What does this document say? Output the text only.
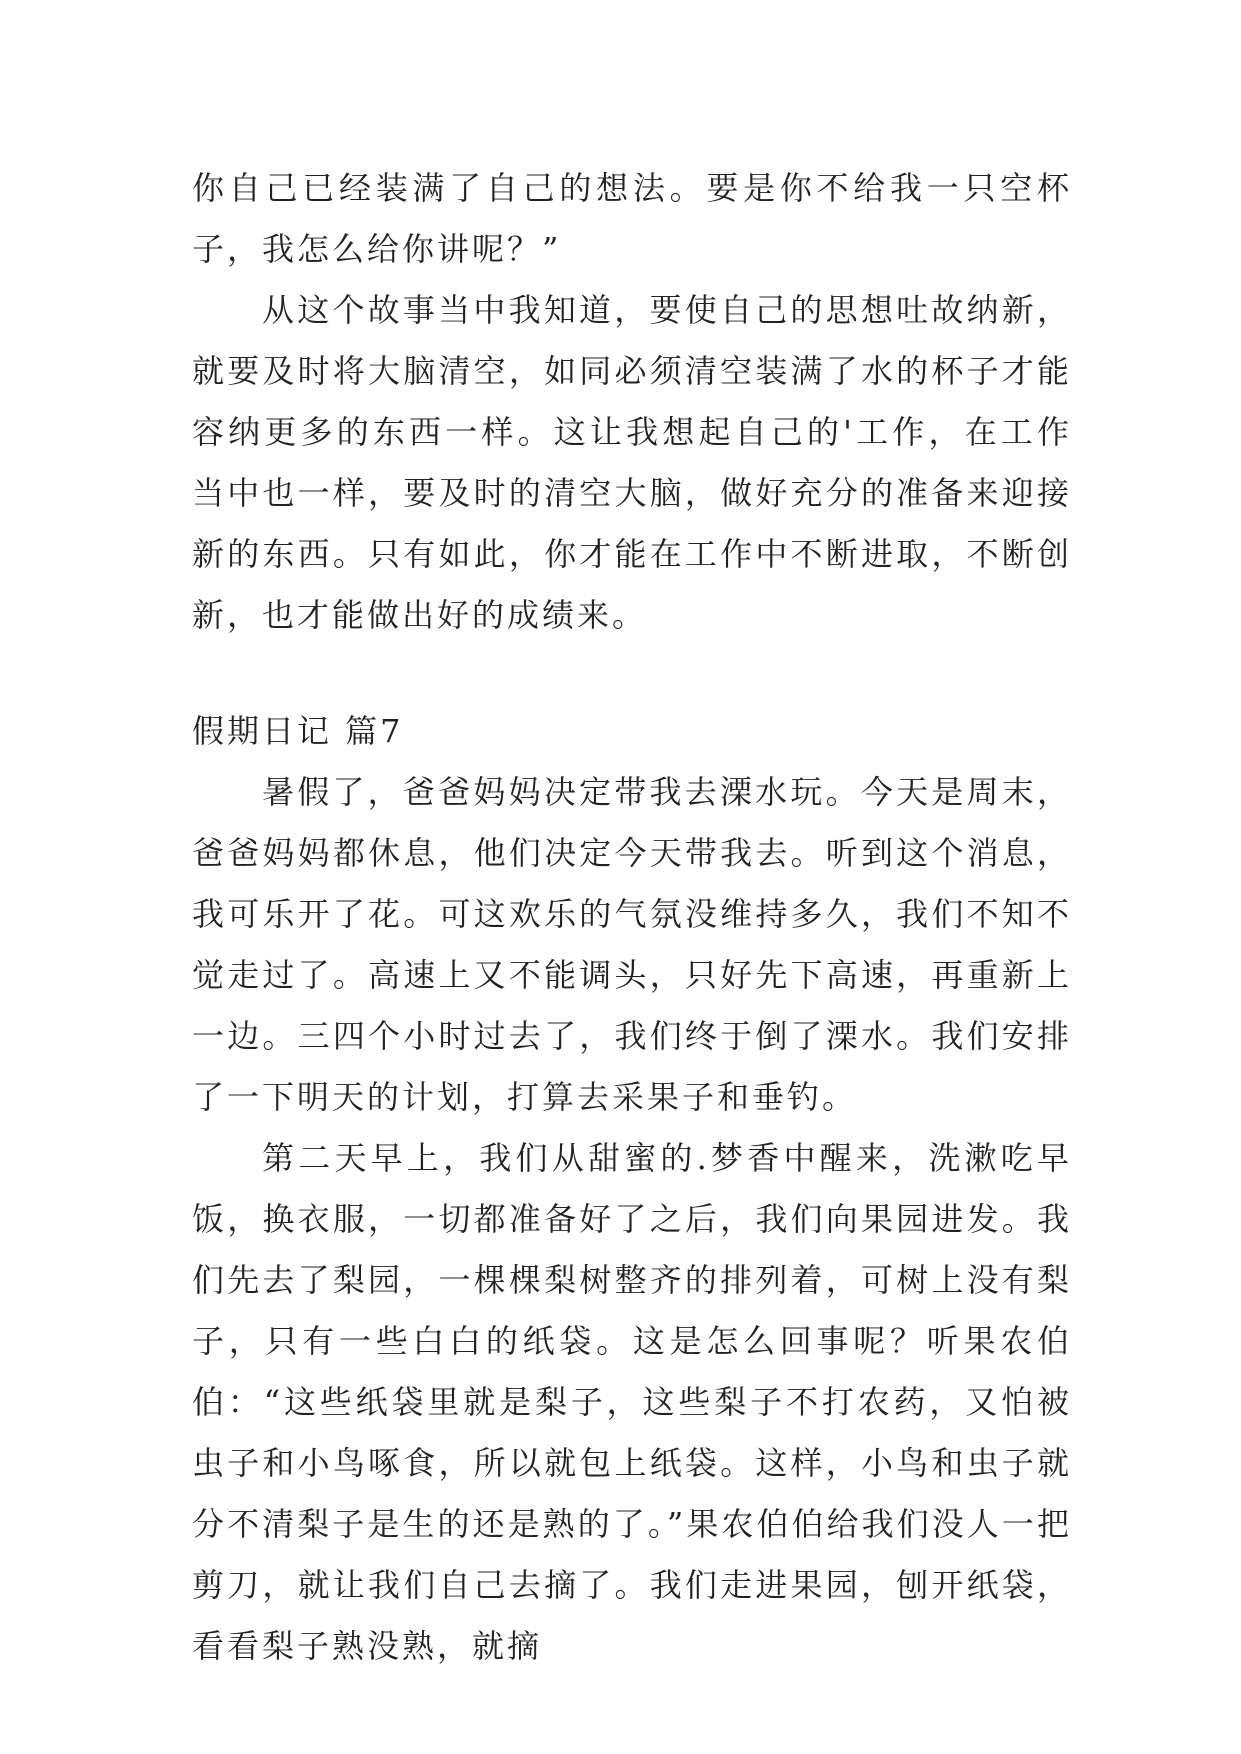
你自己已经装满了自己的想法。要是你不给我一只空杯子，我怎么给你讲呢？”

从这个故事当中我知道，要使自己的思想吐故纳新，就要及时将大脑清空，如同必须清空装满了水的杯子才能容纳更多的东西一样。这让我想起自己的'工作，在工作当中也一样，要及时的清空大脑，做好充分的准备来迎接新的东西。只有如此，你才能在工作中不断进取，不断创新，也才能做出好的成绩来。

假期日记 篇7

暑假了，爸爸妈妈决定带我去溧水玩。今天是周末，爸爸妈妈都休息，他们决定今天带我去。听到这个消息，我可乐开了花。可这欢乐的气氛没维持多久，我们不知不觉走过了。高速上又不能调头，只好先下高速，再重新上一边。三四个小时过去了，我们终于倒了溧水。我们安排了一下明天的计划，打算去采果子和垂钓。

第二天早上，我们从甜蜜的.梦香中醒来，洗漱吃早饭，换衣服，一切都准备好了之后，我们向果园进发。我们先去了梨园，一棵棵梨树整齐的排列着，可树上没有梨子，只有一些白白的纸袋。这是怎么回事呢？听果农伯伯：“这些纸袋里就是梨子，这些梨子不打农药，又怕被虫子和小鸟啄食，所以就包上纸袋。这样，小鸟和虫子就分不清梨子是生的还是熟的了。”果农伯伯给我们没人一把剪刀，就让我们自己去摘了。我们走进果园，刨开纸袋，看看梨子熟没熟，就摘
